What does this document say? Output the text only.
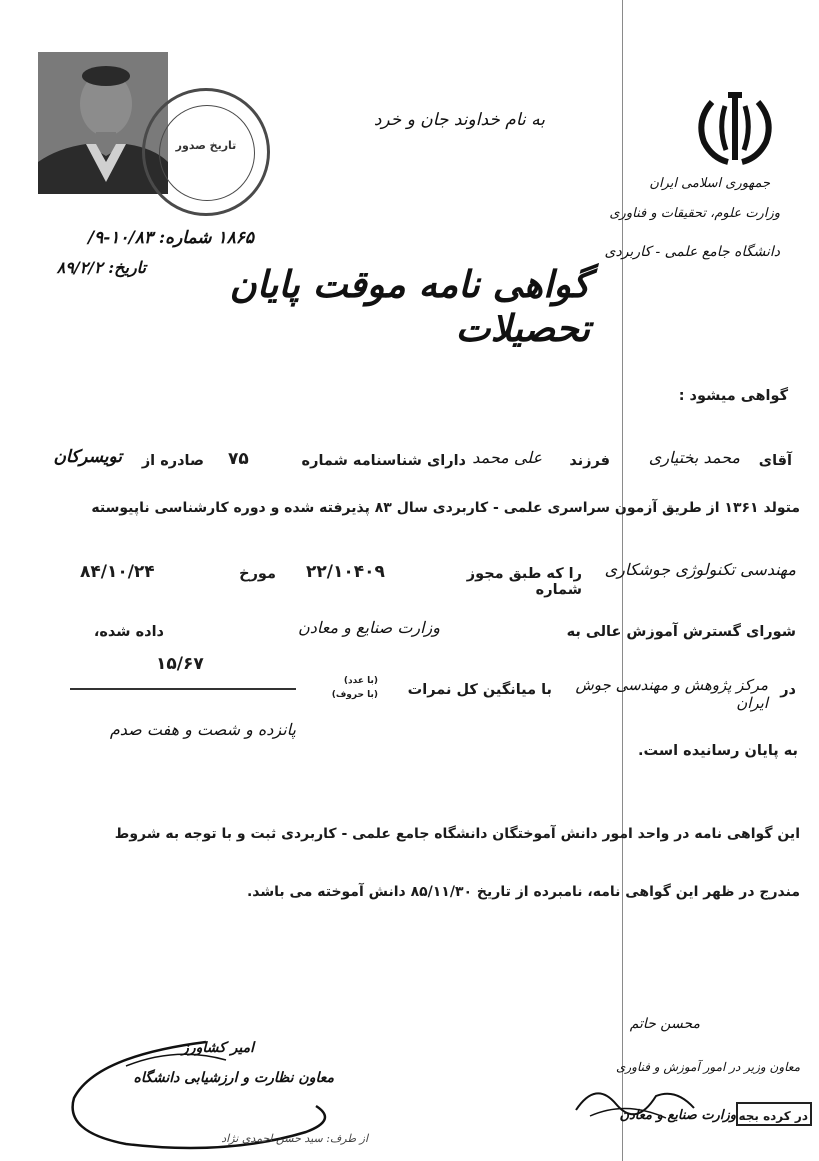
تاریخ صدور
به نام خداوند جان و خرد
جمهوری اسلامی ایران
وزارت علوم، تحقیقات و فناوری
دانشگاه جامع علمی - کاربردی
۱۸۶۵ شماره: ۱۰/۸۳-۹/
تاریخ: ۸۹/۲/۲	گواهی نامه موقت پایان تحصیلات
گواهی میشود :
آقای
محمد بختیاری
فرزند
علی محمد
دارای شناسنامه شماره
۷۵
صادره از
تویسرکان
متولد ۱۳۶۱ از طریق آزمون سراسری علمی - کاربردی سال ۸۳ پذیرفته شده و دوره کارشناسی ناپیوسته
مهندسی تکنولوژی جوشکاری
را که طبق مجوز شماره
۲۲/۱۰۴۰۹
مورخ
۸۴/۱۰/۲۴
شورای گسترش آموزش عالی به
وزارت صنایع و معادن
داده شده،
۱۵/۶۷
در
مرکز پژوهش و مهندسی جوش ایران
با میانگین کل نمرات
(با عدد)
(با حروف)
پانزده و شصت و هفت صدم
به پایان رسانیده است.
این گواهی نامه در واحد امور دانش آموختگان دانشگاه جامع علمی - کاربردی ثبت و با توجه به شروط
مندرج در ظهر این گواهی نامه، نامبرده از تاریخ ۸۵/۱۱/۳۰ دانش آموخته می باشد.
محسن حاتم
معاون وزیر در امور آموزش و فناوری
وزارت صنایع و معادن در کرده بجه
امیر کشاورز
معاون نظارت و ارزشیابی دانشگاه
از طرف: سید حسن احمدی نژاد
